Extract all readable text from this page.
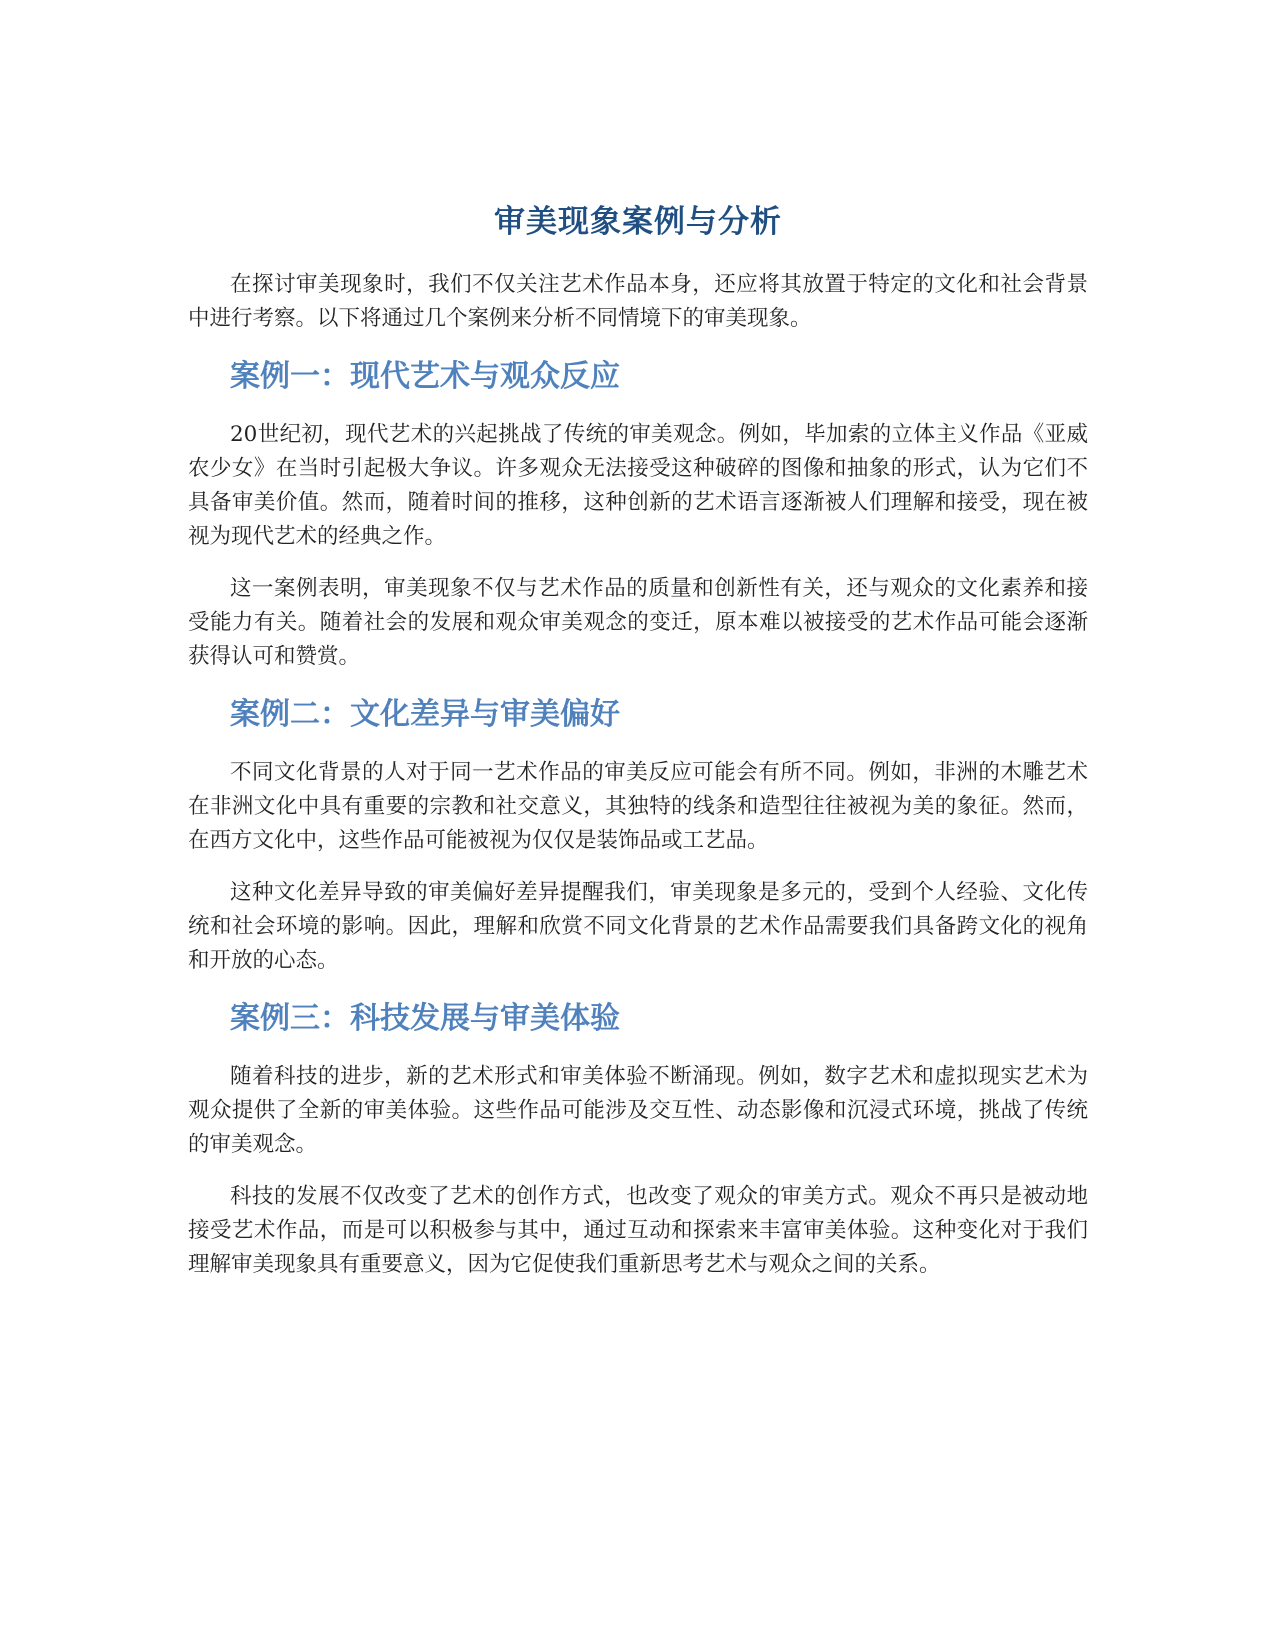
审美现象案例与分析

在探讨审美现象时，我们不仅关注艺术作品本身，还应将其放置于特定的文化和社会背景中进行考察。以下将通过几个案例来分析不同情境下的审美现象。

案例一：现代艺术与观众反应

20世纪初，现代艺术的兴起挑战了传统的审美观念。例如，毕加索的立体主义作品《亚威农少女》在当时引起极大争议。许多观众无法接受这种破碎的图像和抽象的形式，认为它们不具备审美价值。然而，随着时间的推移，这种创新的艺术语言逐渐被人们理解和接受，现在被视为现代艺术的经典之作。

这一案例表明，审美现象不仅与艺术作品的质量和创新性有关，还与观众的文化素养和接受能力有关。随着社会的发展和观众审美观念的变迁，原本难以被接受的艺术作品可能会逐渐获得认可和赞赏。

案例二：文化差异与审美偏好

不同文化背景的人对于同一艺术作品的审美反应可能会有所不同。例如，非洲的木雕艺术在非洲文化中具有重要的宗教和社交意义，其独特的线条和造型往往被视为美的象征。然而，在西方文化中，这些作品可能被视为仅仅是装饰品或工艺品。

这种文化差异导致的审美偏好差异提醒我们，审美现象是多元的，受到个人经验、文化传统和社会环境的影响。因此，理解和欣赏不同文化背景的艺术作品需要我们具备跨文化的视角和开放的心态。

案例三：科技发展与审美体验

随着科技的进步，新的艺术形式和审美体验不断涌现。例如，数字艺术和虚拟现实艺术为观众提供了全新的审美体验。这些作品可能涉及交互性、动态影像和沉浸式环境，挑战了传统的审美观念。

科技的发展不仅改变了艺术的创作方式，也改变了观众的审美方式。观众不再只是被动地接受艺术作品，而是可以积极参与其中，通过互动和探索来丰富审美体验。这种变化对于我们理解审美现象具有重要意义，因为它促使我们重新思考艺术与观众之间的关系。
